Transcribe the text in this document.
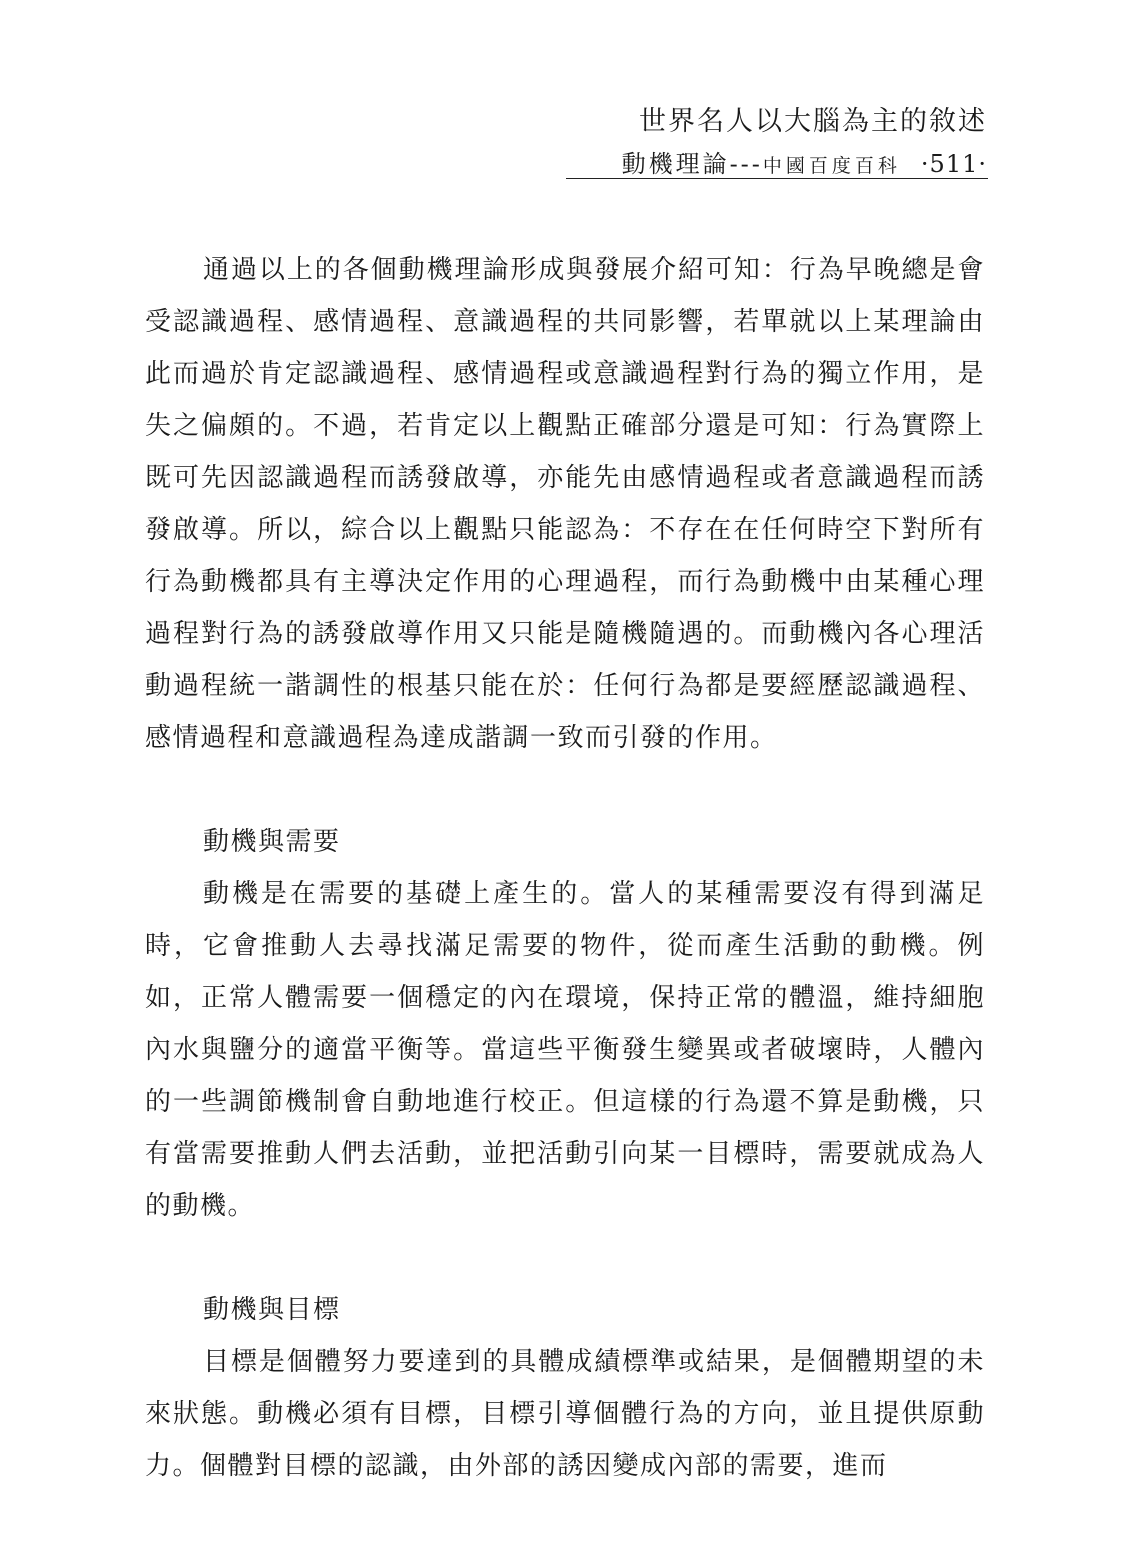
世界名人以大腦為主的敘述
動機理論---中國百度百科 ·511·

通過以上的各個動機理論形成與發展介紹可知：行為早晚總是會受認識過程、感情過程、意識過程的共同影響，若單就以上某理論由此而過於肯定認識過程、感情過程或意識過程對行為的獨立作用，是失之偏頗的。不過，若肯定以上觀點正確部分還是可知：行為實際上既可先因認識過程而誘發啟導，亦能先由感情過程或者意識過程而誘發啟導。所以，綜合以上觀點只能認為：不存在在任何時空下對所有行為動機都具有主導決定作用的心理過程，而行為動機中由某種心理過程對行為的誘發啟導作用又只能是隨機隨遇的。而動機內各心理活動過程統一諧調性的根基只能在於：任何行為都是要經歷認識過程、感情過程和意識過程為達成諧調一致而引發的作用。

動機與需要

動機是在需要的基礎上產生的。當人的某種需要沒有得到滿足時，它會推動人去尋找滿足需要的物件，從而產生活動的動機。例如，正常人體需要一個穩定的內在環境，保持正常的體溫，維持細胞內水與鹽分的適當平衡等。當這些平衡發生變異或者破壞時，人體內的一些調節機制會自動地進行校正。但這樣的行為還不算是動機，只有當需要推動人們去活動，並把活動引向某一目標時，需要就成為人的動機。

動機與目標

目標是個體努力要達到的具體成績標準或結果，是個體期望的未來狀態。動機必須有目標，目標引導個體行為的方向，並且提供原動力。個體對目標的認識，由外部的誘因變成內部的需要，進而
